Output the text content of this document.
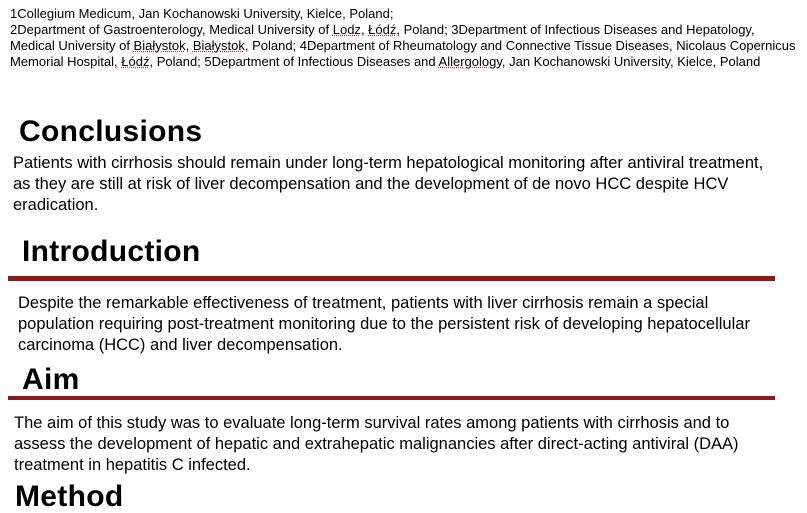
1Collegium Medicum, Jan Kochanowski University, Kielce, Poland;
2Department of Gastroenterology, Medical University of Lodz, Łódź, Poland; 3Department of Infectious Diseases and Hepatology, Medical University of Białystok, Białystok, Poland; 4Department of Rheumatology and Connective Tissue Diseases, Nicolaus Copernicus Memorial Hospital, Łódź, Poland; 5Department of Infectious Diseases and Allergology, Jan Kochanowski University, Kielce, Poland
Conclusions
Patients with cirrhosis should remain under long-term hepatological monitoring after antiviral treatment, as they are still at risk of liver decompensation and the development of de novo HCC despite HCV eradication.
Introduction
Despite the remarkable effectiveness of treatment, patients with liver cirrhosis remain a special population requiring post-treatment monitoring due to the persistent risk of developing hepatocellular carcinoma (HCC) and liver decompensation.
Aim
The aim of this study was to evaluate long-term survival rates among patients with cirrhosis and to assess the development of hepatic and extrahepatic malignancies after direct-acting antiviral (DAA) treatment in hepatitis C infected.
Method
